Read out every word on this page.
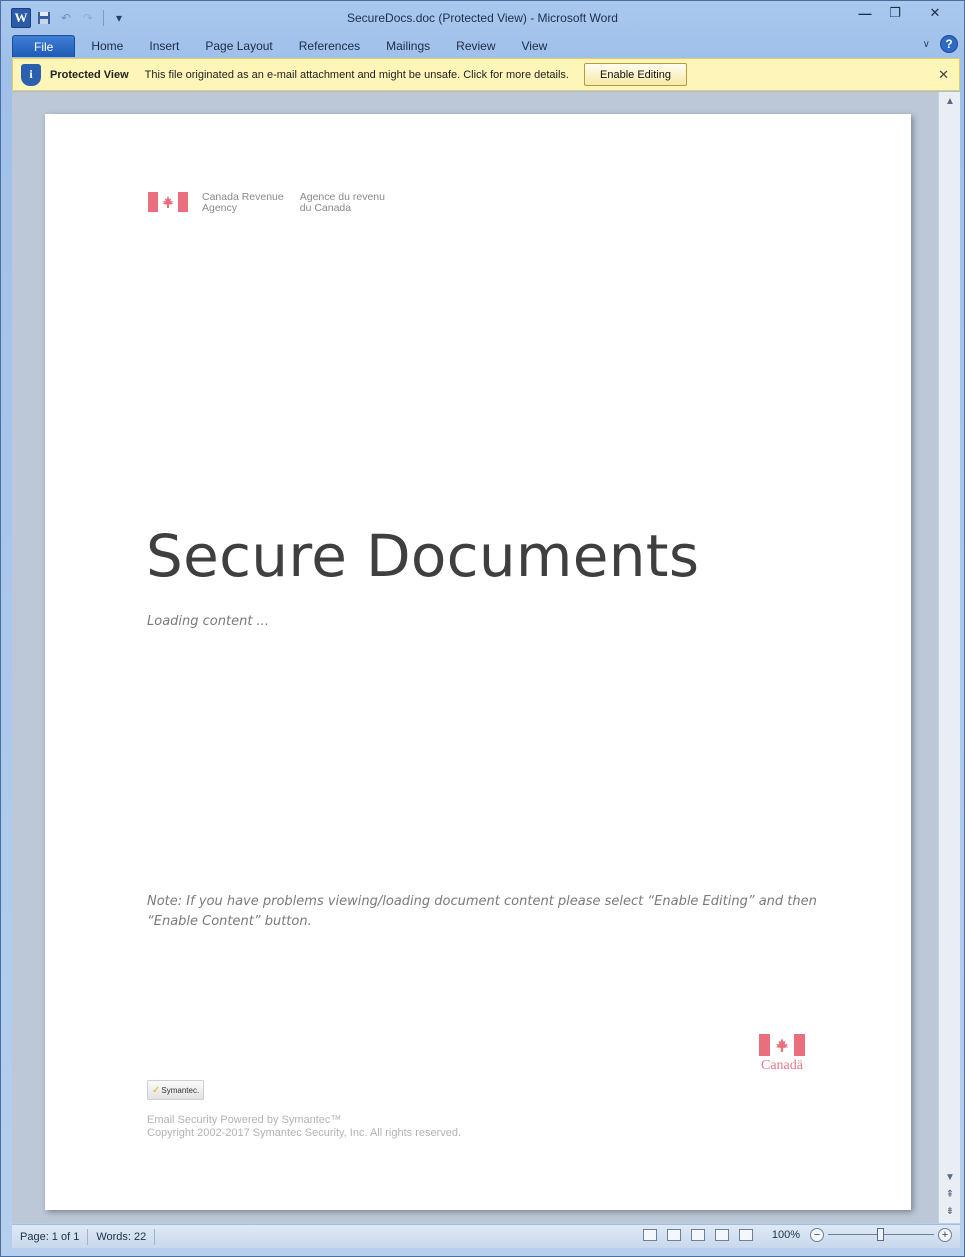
W	↶ ↷	▾	SecureDocs.doc (Protected View) - Microsoft Word	—	❐	✕
File	Home	Insert	Page Layout	References	Mailings	Review	View	∨	?
i	Protected View This file originated as an e-mail attachment and might be unsafe. Click for more details.	Enable Editing	✕
Canada Revenue
Agency
Agence du revenu
du Canada
Secure Documents
Loading content ...
Note: If you have problems viewing/loading document content please select “Enable Editing” and then “Enable Content” button.
Canadä
✓ Symantec.
Email Security Powered by Symantec™
Copyright 2002-2017 Symantec Security, Inc. All rights reserved.
▲
▼
⇞
⇟
Page: 1 of 1	Words: 22	100%	−	+
